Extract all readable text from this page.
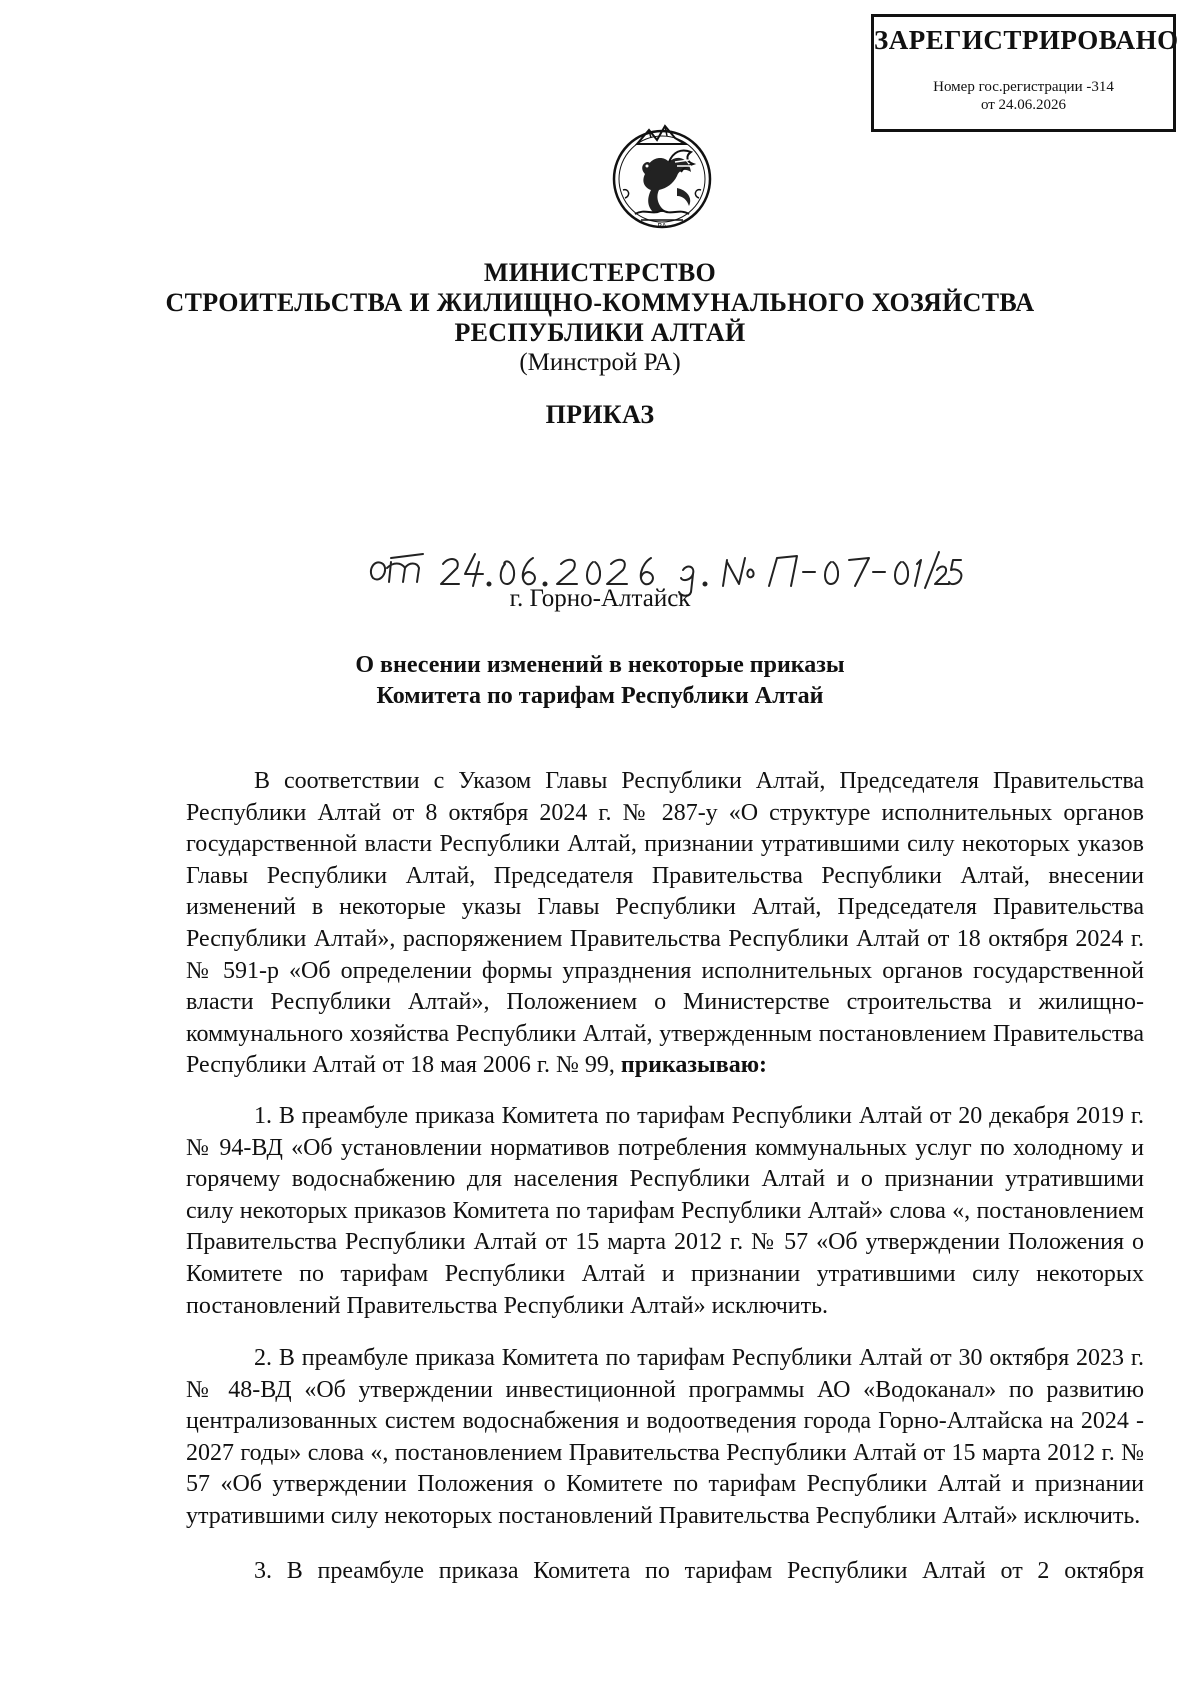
ЗАРЕГИСТРИРОВАНО
Номер гос.регистрации -314
от 24.06.2026
РА
МИНИСТЕРСТВО
СТРОИТЕЛЬСТВА И ЖИЛИЩНО-КОММУНАЛЬНОГО ХОЗЯЙСТВА
РЕСПУБЛИКИ АЛТАЙ
(Минстрой РА)
ПРИКАЗ
г. Горно-Алтайск
О внесении изменений в некоторые приказы
Комитета по тарифам Республики Алтай

В соответствии с Указом Главы Республики Алтай, Председателя Правительства Республики Алтай от 8 октября 2024 г. № 287-у «О структуре исполнительных органов государственной власти Республики Алтай, признании утратившими силу некоторых указов Главы Республики Алтай, Председателя Правительства Республики Алтай, внесении изменений в некоторые указы Главы Республики Алтай, Председателя Правительства Республики Алтай», распоряжением Правительства Республики Алтай от 18 октября 2024 г. № 591-р «Об определении формы упразднения исполнительных органов государственной власти Республики Алтай», Положением о Министерстве строительства и жилищно-коммунального хозяйства Республики Алтай, утвержденным постановлением Правительства Республики Алтай от 18 мая 2006 г. № 99, приказываю:

1. В преамбуле приказа Комитета по тарифам Республики Алтай от 20 декабря 2019 г. № 94-ВД «Об установлении нормативов потребления коммунальных услуг по холодному и горячему водоснабжению для населения Республики Алтай и о признании утратившими силу некоторых приказов Комитета по тарифам Республики Алтай» слова «, постановлением Правительства Республики Алтай от 15 марта 2012 г. № 57 «Об утверждении Положения о Комитете по тарифам Республики Алтай и признании утратившими силу некоторых постановлений Правительства Республики Алтай» исключить.

2. В преамбуле приказа Комитета по тарифам Республики Алтай от 30 октября 2023 г. № 48-ВД «Об утверждении инвестиционной программы АО «Водоканал» по развитию централизованных систем водоснабжения и водоотведения города Горно-Алтайска на 2024 - 2027 годы» слова «, постановлением Правительства Республики Алтай от 15 марта 2012 г. № 57 «Об утверждении Положения о Комитете по тарифам Республики Алтай и признании утратившими силу некоторых постановлений Правительства Республики Алтай» исключить.

3. В преамбуле приказа Комитета по тарифам Республики Алтай от 2 октября
